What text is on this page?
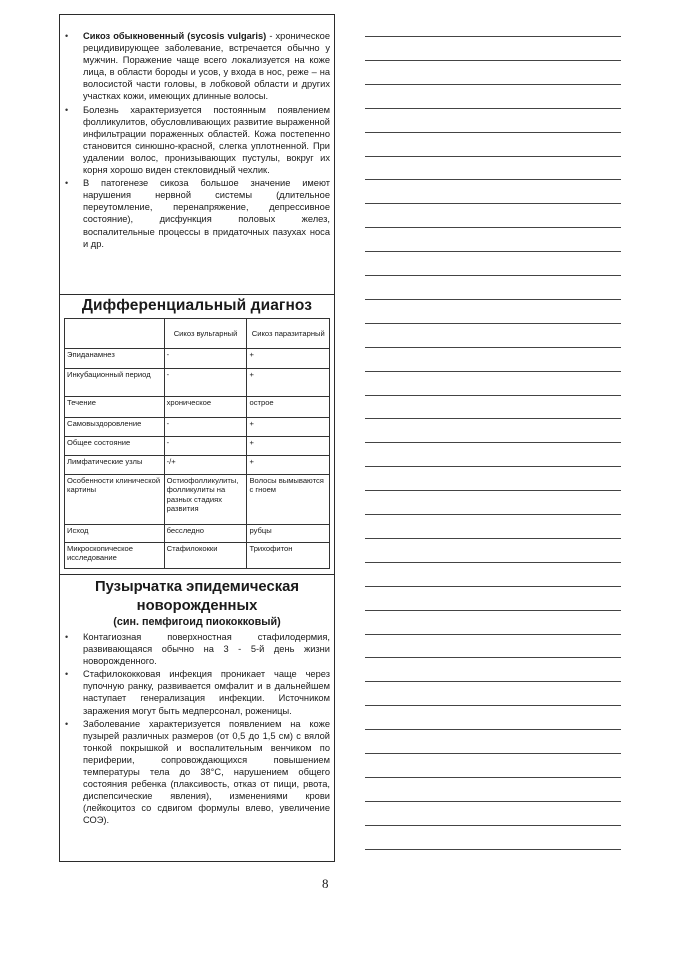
• Сикоз обыкновенный (sycosis vulgaris) - хроническое рецидивирующее заболевание, встречается обычно у мужчин. Поражение чаще всего локализуется на коже лица, в области бороды и усов, у входа в нос, реже – на волосистой части головы, в лобковой области и других участках кожи, имеющих длинные волосы.
• Болезнь характеризуется постоянным появлением фолликулитов, обусловливающих развитие выраженной инфильтрации пораженных областей. Кожа постепенно становится синюшно-красной, слегка уплотненной. При удалении волос, пронизывающих пустулы, вокруг их корня хорошо виден стекловидный чехлик.
• В патогенезе сикоза большое значение имеют нарушения нервной системы (длительное переутомление, перенапряжение, депрессивное состояние), дисфункция половых желез, воспалительные процессы в придаточных пазухах носа и др.
Дифференциальный диагноз
	Сикоз вульгарный	Сикоз паразитарный
Эпиданамнез	-	+
Инкубационный период	-	+
Течение	хроническое	острое
Самовыздоровление	-	+
Общее состояние	-	+
Лимфатические узлы	-/+	+
Особенности клинической картины	Остиофолликулиты, фолликулиты на разных стадиях развития	Волосы вымываются с гноем
Исход	бесследно	рубцы
Микроскопическое исследование	Стафилококки	Трихофитон
Пузырчатка эпидемическая
новорожденных
(син. пемфигоид пиококковый)
• Контагиозная поверхностная стафилодермия, развивающаяся обычно на 3 - 5-й день жизни новорожденного.
• Стафилококковая инфекция проникает чаще через пупочную ранку, развивается омфалит и в дальнейшем наступает генерализация инфекции. Источником заражения могут быть медперсонал, роженицы.
• Заболевание характеризуется появлением на коже пузырей различных размеров (от 0,5 до 1,5 см) с вялой тонкой покрышкой и воспалительным венчиком по периферии, сопровождающихся повышением температуры тела до 38°С, нарушением общего состояния ребенка (плаксивость, отказ от пищи, рвота, диспепсические явления), изменениями крови (лейкоцитоз со сдвигом формулы влево, увеличение СОЭ).
8
